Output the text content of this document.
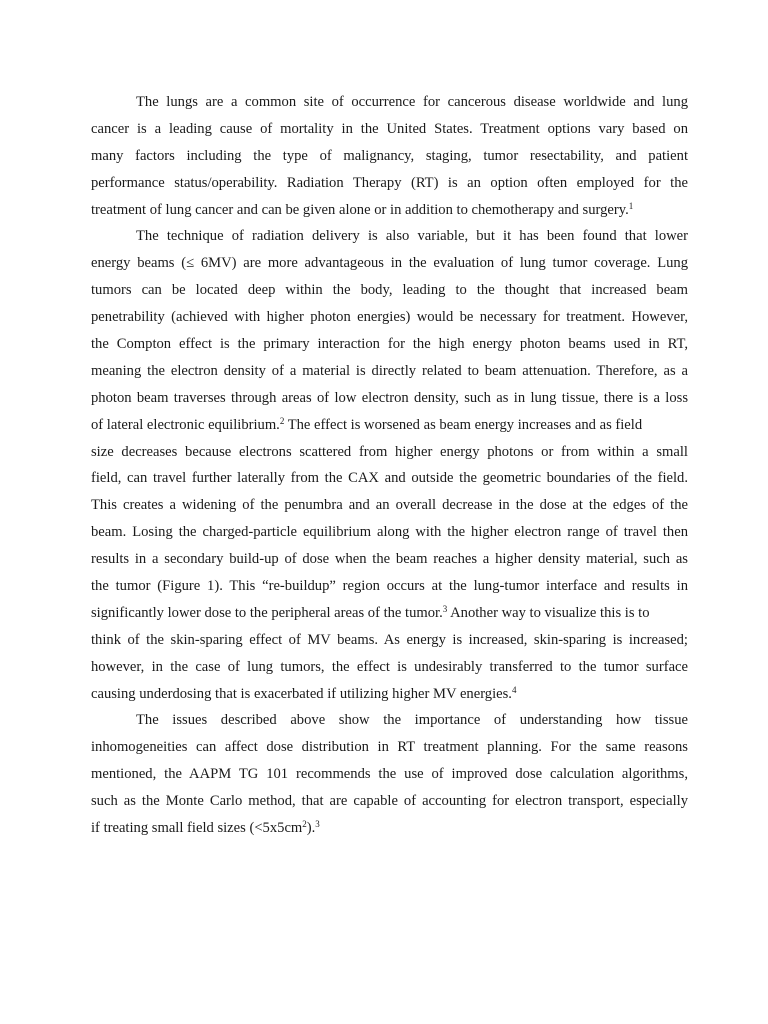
The lungs are a common site of occurrence for cancerous disease worldwide and lung
cancer is a leading cause of mortality in the United States. Treatment options vary based on
many factors including the type of malignancy, staging, tumor resectability, and patient
performance status/operability. Radiation Therapy (RT) is an option often employed for the
treatment of lung cancer and can be given alone or in addition to chemotherapy and surgery.$^1$
The technique of radiation delivery is also variable, but it has been found that lower
energy beams (≤ 6MV) are more advantageous in the evaluation of lung tumor coverage. Lung
tumors can be located deep within the body, leading to the thought that increased beam
penetrability (achieved with higher photon energies) would be necessary for treatment. However,
the Compton effect is the primary interaction for the high energy photon beams used in RT,
meaning the electron density of a material is directly related to beam attenuation. Therefore, as a
photon beam traverses through areas of low electron density, such as in lung tissue, there is a loss
of lateral electronic equilibrium.$^2$ The effect is worsened as beam energy increases and as field
size decreases because electrons scattered from higher energy photons or from within a small
field, can travel further laterally from the CAX and outside the geometric boundaries of the field.
This creates a widening of the penumbra and an overall decrease in the dose at the edges of the
beam. Losing the charged-particle equilibrium along with the higher electron range of travel then
results in a secondary build-up of dose when the beam reaches a higher density material, such as
the tumor (Figure 1). This “re-buildup” region occurs at the lung-tumor interface and results in
significantly lower dose to the peripheral areas of the tumor.$^3$ Another way to visualize this is to
think of the skin-sparing effect of MV beams. As energy is increased, skin-sparing is increased;
however, in the case of lung tumors, the effect is undesirably transferred to the tumor surface
causing underdosing that is exacerbated if utilizing higher MV energies.$^4$
The issues described above show the importance of understanding how tissue
inhomogeneities can affect dose distribution in RT treatment planning. For the same reasons
mentioned, the AAPM TG 101 recommends the use of improved dose calculation algorithms,
such as the Monte Carlo method, that are capable of accounting for electron transport, especially
if treating small field sizes $(<5x5cm^2).^3$
